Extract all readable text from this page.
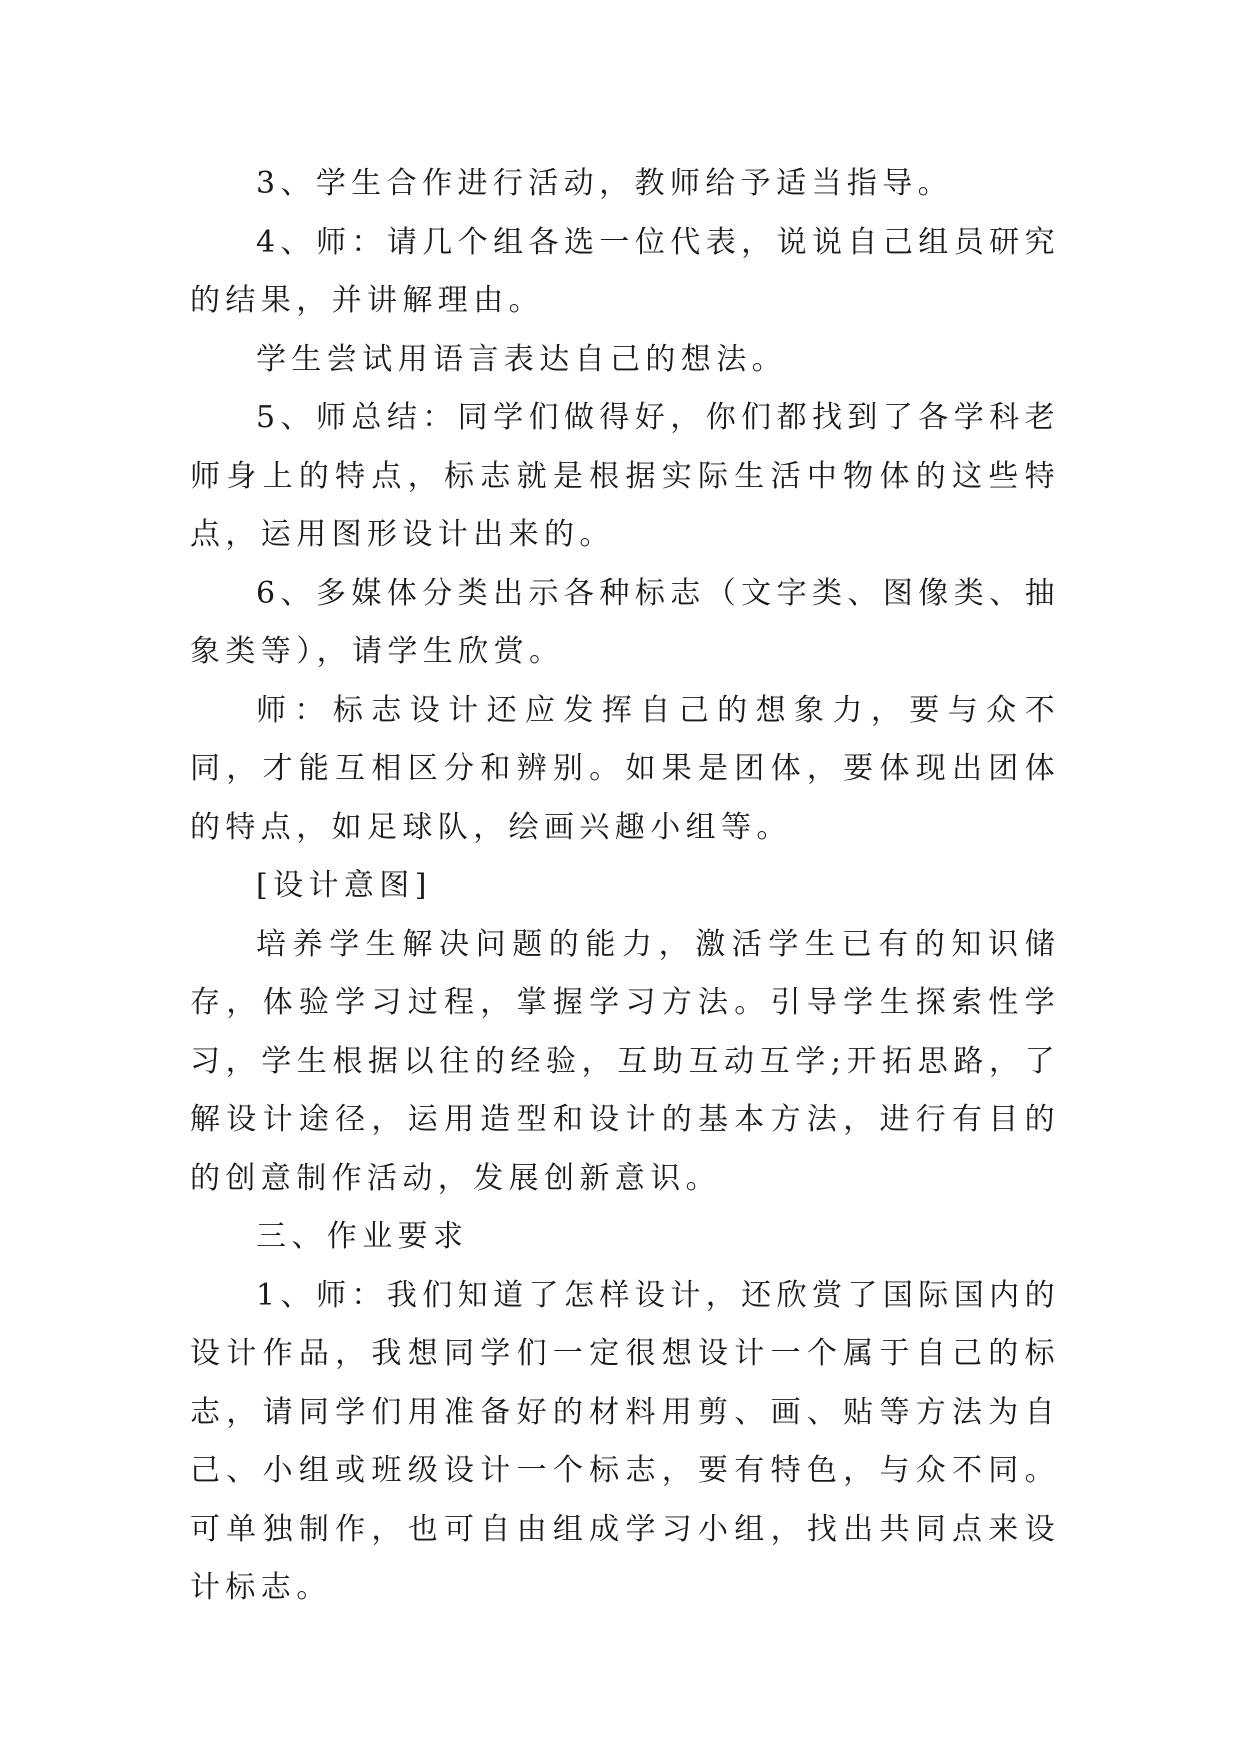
3、学生合作进行活动，教师给予适当指导。

4、师：请几个组各选一位代表，说说自己组员研究的结果，并讲解理由。

学生尝试用语言表达自己的想法。

5、师总结：同学们做得好，你们都找到了各学科老师身上的特点，标志就是根据实际生活中物体的这些特点，运用图形设计出来的。

6、多媒体分类出示各种标志（文字类、图像类、抽象类等），请学生欣赏。

师：标志设计还应发挥自己的想象力，要与众不同，才能互相区分和辨别。如果是团体，要体现出团体的特点，如足球队，绘画兴趣小组等。

[设计意图]

培养学生解决问题的能力，激活学生已有的知识储存，体验学习过程，掌握学习方法。引导学生探索性学习，学生根据以往的经验，互助互动互学;开拓思路，了解设计途径，运用造型和设计的基本方法，进行有目的的创意制作活动，发展创新意识。

三、作业要求

1、师：我们知道了怎样设计，还欣赏了国际国内的设计作品，我想同学们一定很想设计一个属于自己的标志，请同学们用准备好的材料用剪、画、贴等方法为自己、小组或班级设计一个标志，要有特色，与众不同。可单独制作，也可自由组成学习小组，找出共同点来设计标志。
